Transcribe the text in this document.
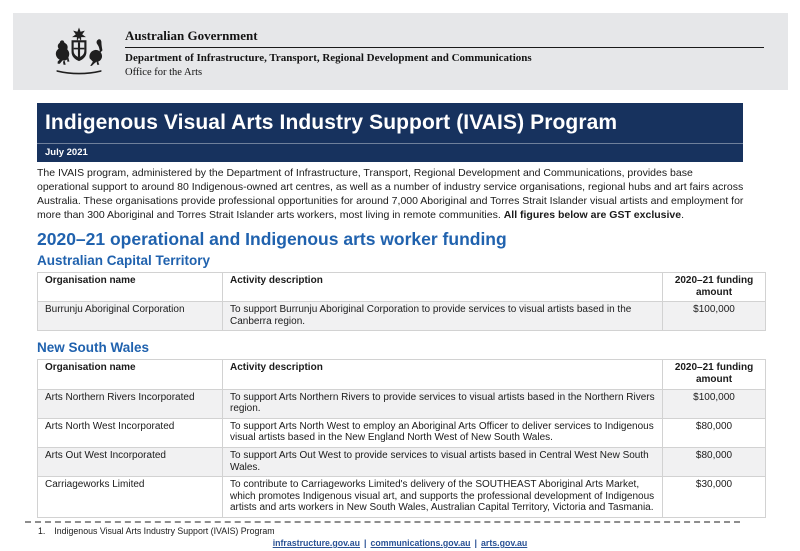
Australian Government
Department of Infrastructure, Transport, Regional Development and Communications
Office for the Arts
Indigenous Visual Arts Industry Support (IVAIS) Program
July 2021

The IVAIS program, administered by the Department of Infrastructure, Transport, Regional Development and Communications, provides base operational support to around 80 Indigenous-owned art centres, as well as a number of industry service organisations, regional hubs and art fairs across Australia. These organisations provide professional opportunities for around 7,000 Aboriginal and Torres Strait Islander visual artists and employment for more than 300 Aboriginal and Torres Strait Islander arts workers, most living in remote communities. All figures below are GST exclusive.

2020–21 operational and Indigenous arts worker funding
Australian Capital Territory
Organisation name	Activity description	2020–21 funding amount
Burrunju Aboriginal Corporation	To support Burrunju Aboriginal Corporation to provide services to visual artists based in the Canberra region.	$100,000
New South Wales
Organisation name	Activity description	2020–21 funding amount
Arts Northern Rivers Incorporated	To support Arts Northern Rivers to provide services to visual artists based in the Northern Rivers region.	$100,000
Arts North West Incorporated	To support Arts North West to employ an Aboriginal Arts Officer to deliver services to Indigenous visual artists based in the New England North West of New South Wales.	$80,000
Arts Out West Incorporated	To support Arts Out West to provide services to visual artists based in Central West New South Wales.	$80,000
Carriageworks Limited	To contribute to Carriageworks Limited's delivery of the SOUTHEAST Aboriginal Arts Market, which promotes Indigenous visual art, and supports the professional development of Indigenous artists and arts workers in New South Wales, Australian Capital Territory, Victoria and Tasmania.	$30,000
1. Indigenous Visual Arts Industry Support (IVAIS) Program
infrastructure.gov.au | communications.gov.au | arts.gov.au
